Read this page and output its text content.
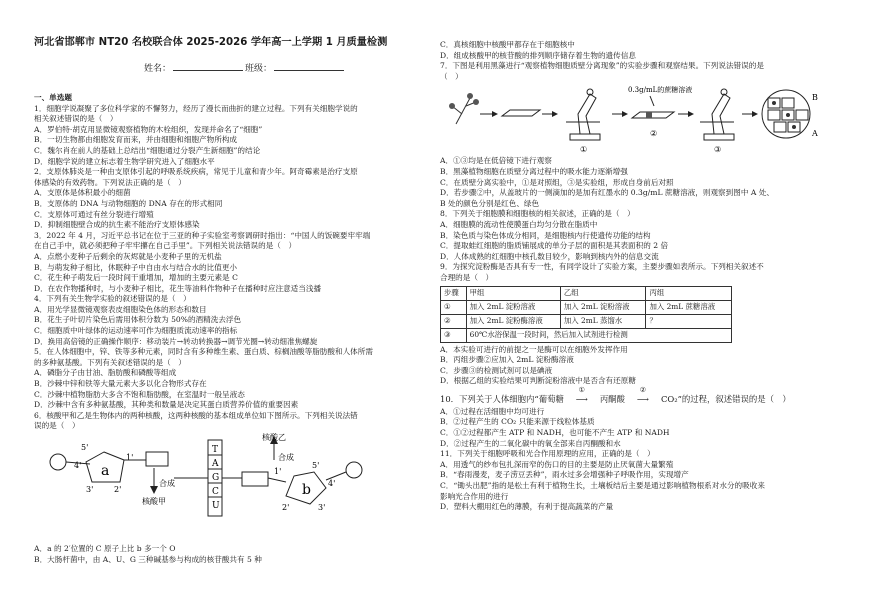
河北省邯郸市 NT20 名校联合体 2025-2026 学年高一上学期 1 月质量检测
姓名：	班级：
一、单选题

1．细胞学说凝聚了多位科学家的不懈努力，经历了漫长而曲折的建立过程。下列有关细胞学说的

相关叙述错误的是（　）

A．罗伯特·胡克用显微镜观察植物的木栓组织，发现并命名了“细胞”

B．一切生物都由细胞发育而来，并由细胞和细胞产物所构成

C．魏尔肖在前人的基础上总结出“细胞通过分裂产生新细胞”的结论

D．细胞学说的建立标志着生物学研究进入了细胞水平

2．支原体肺炎是一种由支原体引起的呼吸系统疾病，常见于儿童和青少年。阿奇霉素是治疗支原

体感染的有效药物。下列说法正确的是（　）

A．支原体是体积最小的细菌

B．支原体的 DNA 与动物细胞的 DNA 存在的形式相同

C．支原体可通过有丝分裂进行增殖

D．抑制细胞壁合成的抗生素不能治疗支原体感染

3．2022 年 4 月，习近平总书记在位于三亚的种子实验室考察调研时指出：“中国人的饭碗要牢牢端

在自己手中，就必须把种子牢牢攥在自己手里”。下列相关说法错误的是（　）

A．点燃小麦种子后剩余的灰烬就是小麦种子里的无机盐

B．与萌发种子相比，休眠种子中自由水与结合水的比值更小

C．花生种子萌发后一段时间干重增加，增加的主要元素是 C

D．在农作物播种时，与小麦种子相比，花生等油料作物种子在播种时应注意适当浅播

4．下列有关生物学实验的叙述错误的是（　）

A．用光学显微镜观察表皮细胞染色体的形态和数目

B．花生子叶切片染色后需用体积分数为 50%的酒精洗去浮色

C．细胞质中叶绿体的运动速率可作为细胞质流动速率的指标

D．换用高倍镜的正确操作顺序：移动装片→转动转换器→调节光圈→转动细准焦螺旋

5．在人体细胞中，锌、铁等多种元素，同时含有多种维生素、蛋白质、棕榈油酸等脂肪酸和人体所需

的多种氨基酸。下列有关叙述错误的是（　）

A．磷脂分子由甘油、脂肪酸和磷酸等组成

B．沙棘中锌和铁等大量元素大多以化合物形式存在

C．沙棘中植物脂肪大多含不饱和脂肪酸，在室温时一般呈液态

D．沙棘中含有多种氨基酸，其种类和数量是决定其蛋白质营养价值的重要因素

6．核酸甲和乙是生物体内的两种核酸，这两种核酸的基本组成单位如下图所示。下列相关说法错

误的是（　）

5'
a
4'
3'	2'
1'
合成
核酸甲
T
A
G
C
U
核酸乙
合成
1'
b
2'	3'
4'
5'

A．a 的 2′位置的 C 原子上比 b 多一个 O

B．大肠杆菌中，由 A、U、G 三种碱基参与构成的核苷酸共有 5 种

C．真核细胞中核酸甲都存在于细胞核中

D．组成核酸甲的核苷酸的排列顺序储存着生物的遗传信息

7．下图是利用黑藻进行“观察植物细胞质壁分离现象”的实验步骤和观察结果。下列说法错误的是

（　）

①
0.3g/mL的蔗糖溶液
②
③
B
A

A．①③均是在低倍镜下进行观察

B．黑藻植物细胞在质壁分离过程中的吸水能力逐渐增强

C．在质壁分离实验中，①是对照组，③是实验组，形成自身前后对照

D．若步骤②中，从盖玻片的一侧滴加的是加有红墨水的 0.3g/mL 蔗糖溶液，则观察到图中 A 处、

B 处的颜色分别是红色、绿色

8．下列关于细胞膜和细胞核的相关叙述，正确的是（　）

A．细胞膜的流动性使膜蛋白均匀分散在脂质中

B．染色质与染色体成分相同，是细胞核内行使遗传功能的结构

C．提取蛙红细胞的脂质铺展成的单分子层的面积是其表面积的 2 倍

D．人体成熟的红细胞中核孔数目较少，影响到核内外的信息交流

9．为探究淀粉酶是否具有专一性，有同学设计了实验方案，主要步骤如表所示。下列相关叙述不

合理的是（　）

步骤	甲组	乙组	丙组
①	加入 2mL 淀粉溶液	加入 2mL 淀粉溶液	加入 2mL 蔗糖溶液
②	加入 2mL 淀粉酶溶液	加入 2mL 蒸馏水	？
③	60℃水浴保温一段时间，然后加入试剂进行检测		

A．本实验可进行的前提之一是酶可以在细胞外发挥作用

B．丙组步骤②应加入 2mL 淀粉酶溶液

C．步骤③的检测试剂可以是碘液

D．根据乙组的实验结果可判断淀粉溶液中是否含有还原糖

10．下列关于人体细胞内“葡萄糖
①
⟶ 丙酮酸
②
⟶ CO₂”的过程，叙述错误的是（　）

A．①过程在活细胞中均可进行

B．②过程产生的 CO₂ 只能来源于线粒体基质

C．①②过程都产生 ATP 和 NADH，也可能不产生 ATP 和 NADH

D．②过程产生的二氧化碳中的氧全部来自丙酮酸和水

11．下列关于细胞呼吸和光合作用原理的应用，正确的是（　）

A．用透气的纱布包扎深而窄的伤口的目的主要是防止厌氧菌大量繁殖

B．“春雨漫麦，麦子涝豆丢种”，雨水过多会增强种子呼吸作用，实现增产

C．“锄头出肥”指的是松土有利于植物生长，土壤板结后主要是通过影响植物根系对水分的吸收来

影响光合作用的进行

D．塑料大棚用红色的薄膜，有利于提高蔬菜的产量
